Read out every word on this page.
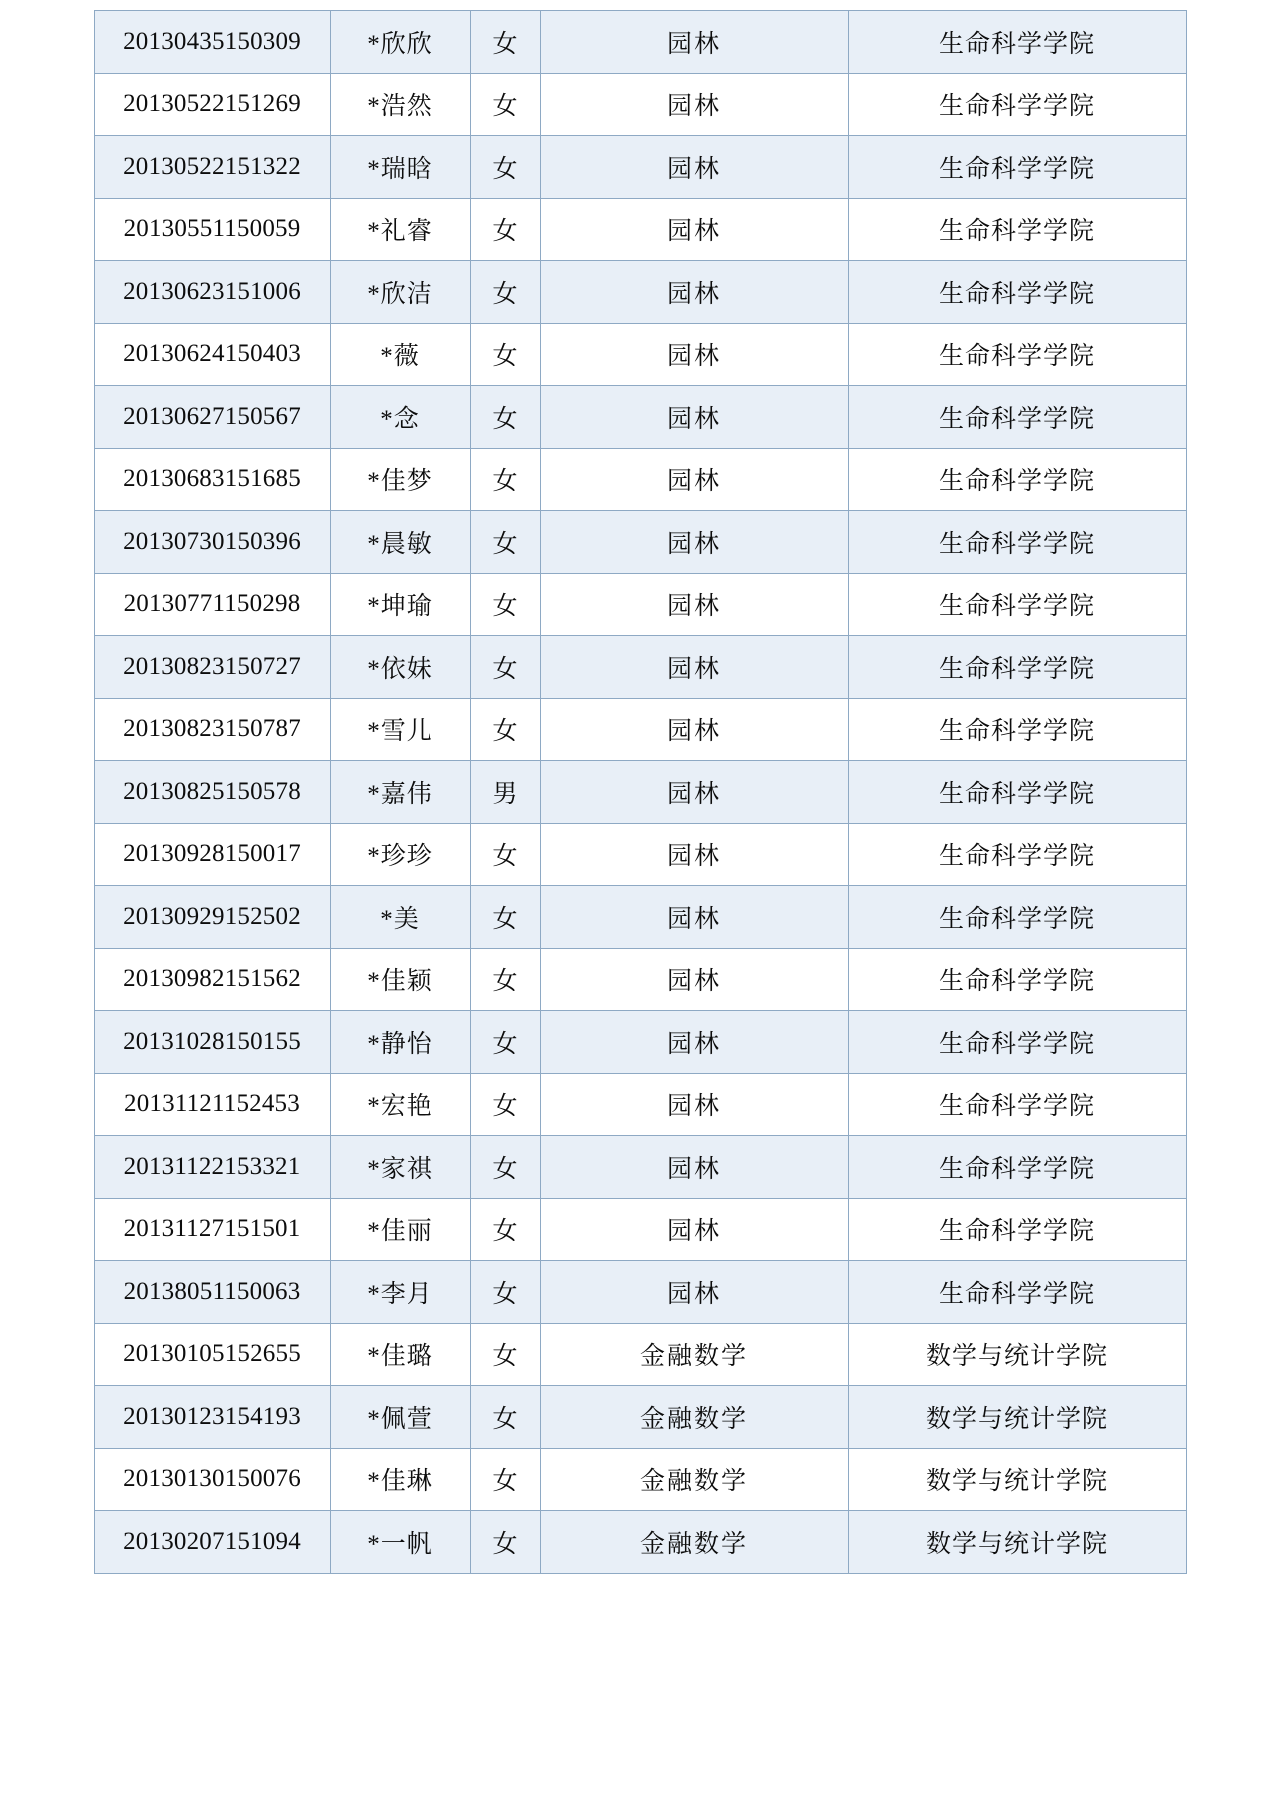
20130435150309	*欣欣	女	园林	生命科学学院
20130522151269	*浩然	女	园林	生命科学学院
20130522151322	*瑞晗	女	园林	生命科学学院
20130551150059	*礼睿	女	园林	生命科学学院
20130623151006	*欣洁	女	园林	生命科学学院
20130624150403	*薇	女	园林	生命科学学院
20130627150567	*念	女	园林	生命科学学院
20130683151685	*佳梦	女	园林	生命科学学院
20130730150396	*晨敏	女	园林	生命科学学院
20130771150298	*坤瑜	女	园林	生命科学学院
20130823150727	*依妹	女	园林	生命科学学院
20130823150787	*雪儿	女	园林	生命科学学院
20130825150578	*嘉伟	男	园林	生命科学学院
20130928150017	*珍珍	女	园林	生命科学学院
20130929152502	*美	女	园林	生命科学学院
20130982151562	*佳颖	女	园林	生命科学学院
20131028150155	*静怡	女	园林	生命科学学院
20131121152453	*宏艳	女	园林	生命科学学院
20131122153321	*家祺	女	园林	生命科学学院
20131127151501	*佳丽	女	园林	生命科学学院
20138051150063	*李月	女	园林	生命科学学院
20130105152655	*佳璐	女	金融数学	数学与统计学院
20130123154193	*佩萱	女	金融数学	数学与统计学院
20130130150076	*佳琳	女	金融数学	数学与统计学院
20130207151094	*一帆	女	金融数学	数学与统计学院
